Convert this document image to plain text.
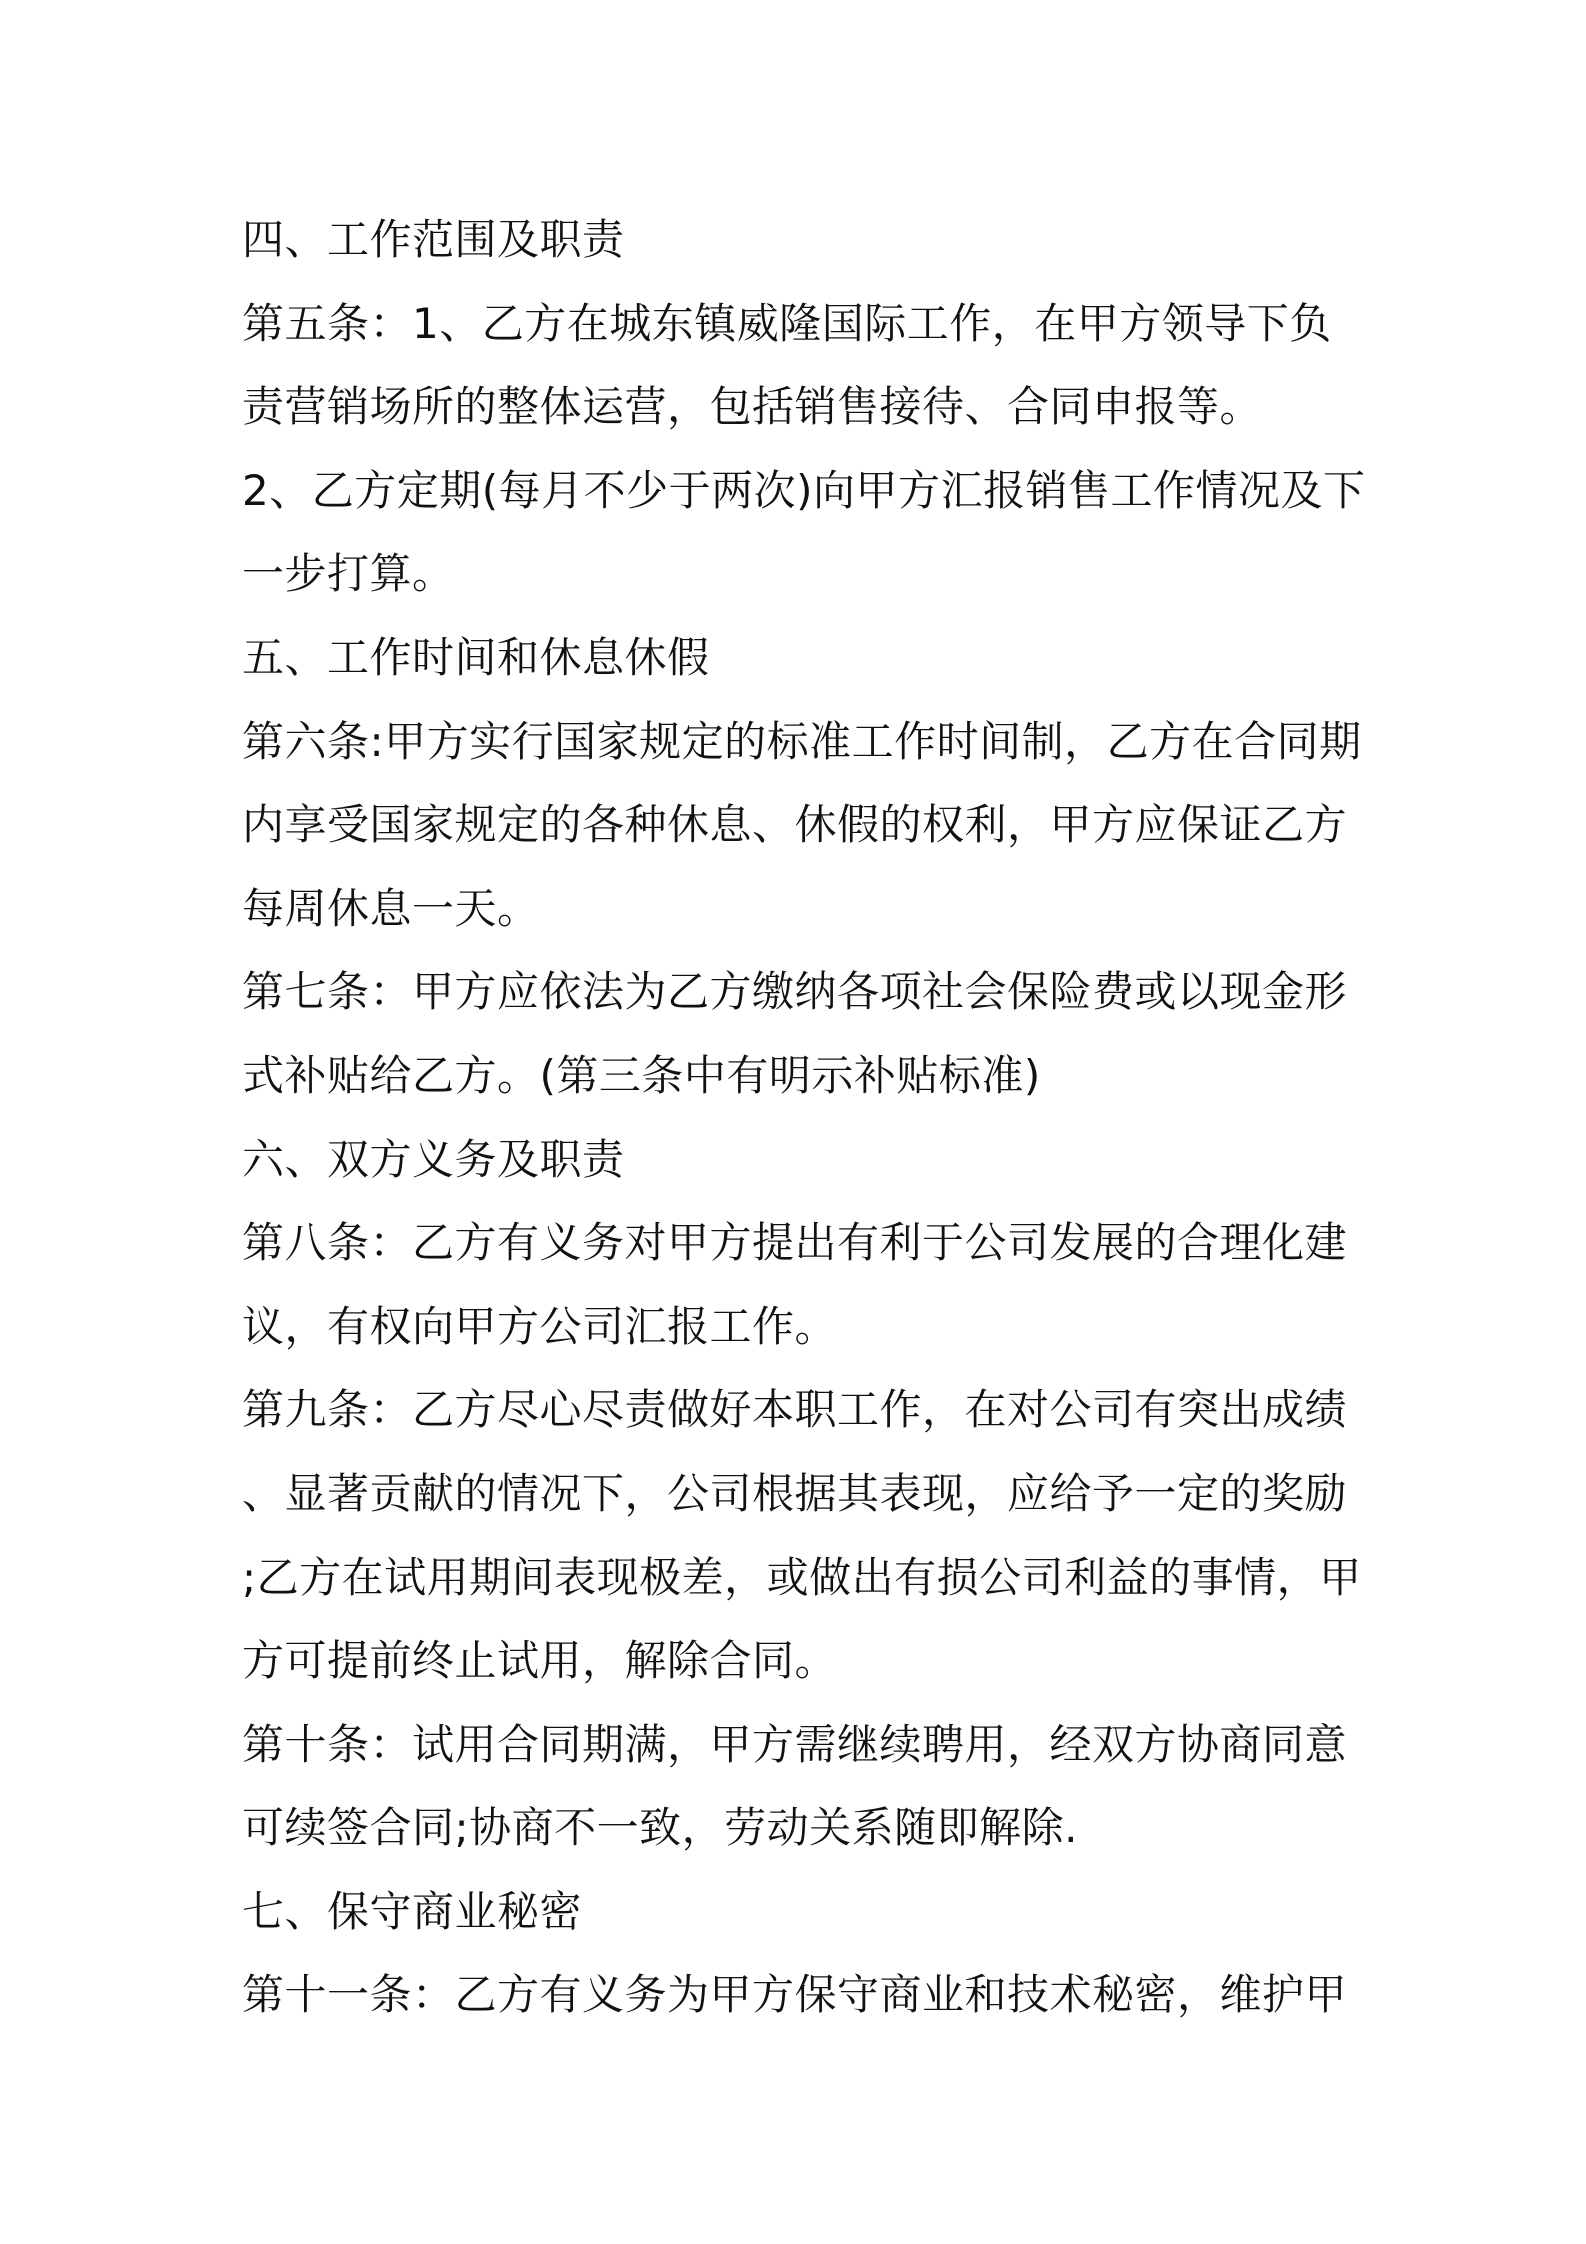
四、工作范围及职责

第五条：1、乙方在城东镇威隆国际工作，在甲方领导下负

责营销场所的整体运营，包括销售接待、合同申报等。

2、乙方定期(每月不少于两次)向甲方汇报销售工作情况及下

一步打算。

五、工作时间和休息休假

第六条:甲方实行国家规定的标准工作时间制，乙方在合同期

内享受国家规定的各种休息、休假的权利，甲方应保证乙方

每周休息一天。

第七条：甲方应依法为乙方缴纳各项社会保险费或以现金形

式补贴给乙方。(第三条中有明示补贴标准)

六、双方义务及职责

第八条：乙方有义务对甲方提出有利于公司发展的合理化建

议，有权向甲方公司汇报工作。

第九条：乙方尽心尽责做好本职工作，在对公司有突出成绩

、显著贡献的情况下，公司根据其表现，应给予一定的奖励

;乙方在试用期间表现极差，或做出有损公司利益的事情，甲

方可提前终止试用，解除合同。

第十条：试用合同期满，甲方需继续聘用，经双方协商同意

可续签合同;协商不一致，劳动关系随即解除.

七、保守商业秘密

第十一条：乙方有义务为甲方保守商业和技术秘密，维护甲
